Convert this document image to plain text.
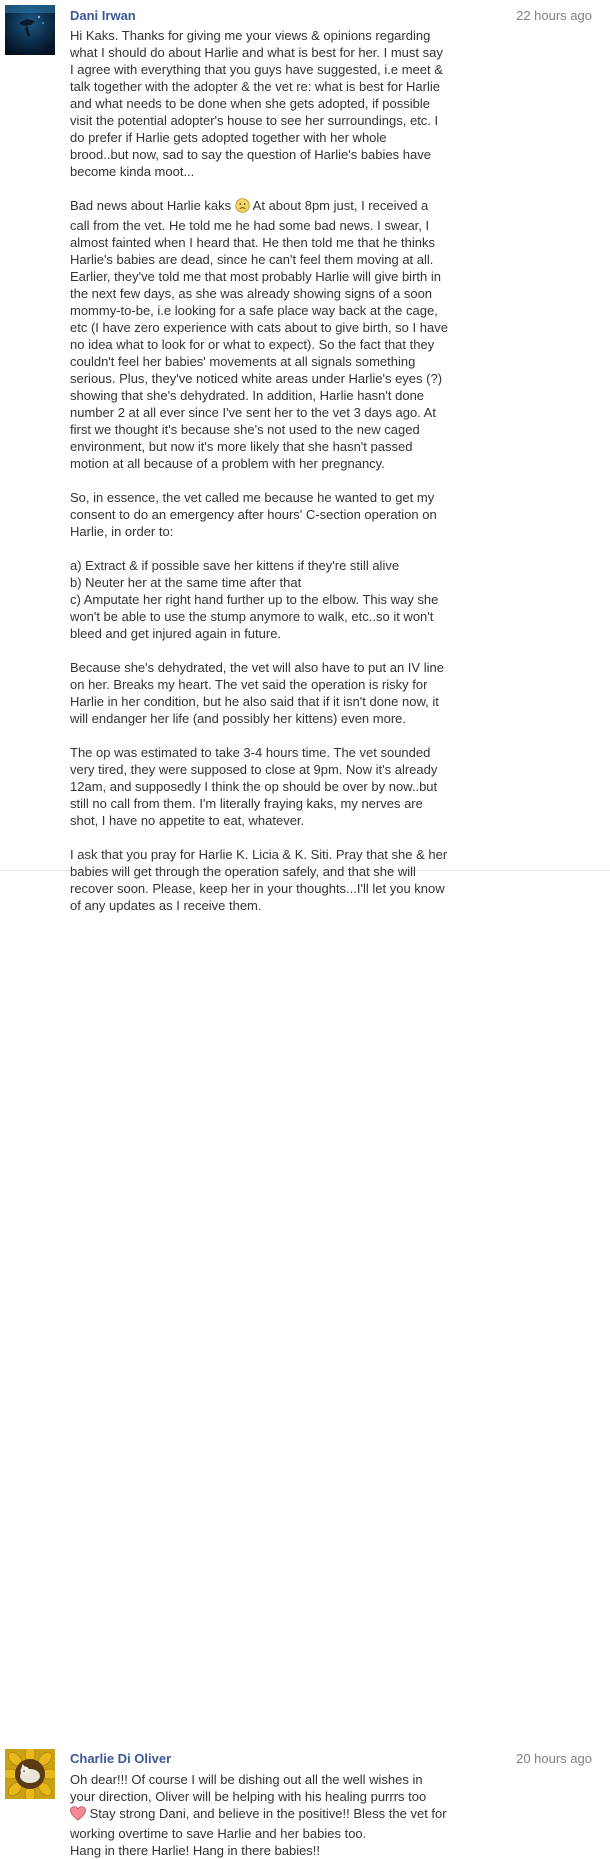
Dani Irwan	22 hours ago
Hi Kaks. Thanks for giving me your views & opinions regarding
what I should do about Harlie and what is best for her. I must say
I agree with everything that you guys have suggested, i.e meet &
talk together with the adopter & the vet re: what is best for Harlie
and what needs to be done when she gets adopted, if possible
visit the potential adopter's house to see her surroundings, etc. I
do prefer if Harlie gets adopted together with her whole
brood..but now, sad to say the question of Harlie's babies have
become kinda moot...
Bad news about Harlie kaks  At about 8pm just, I received a
call from the vet. He told me he had some bad news. I swear, I
almost fainted when I heard that. He then told me that he thinks
Harlie's babies are dead, since he can't feel them moving at all.
Earlier, they've told me that most probably Harlie will give birth in
the next few days, as she was already showing signs of a soon
mommy-to-be, i.e looking for a safe place way back at the cage,
etc (I have zero experience with cats about to give birth, so I have
no idea what to look for or what to expect). So the fact that they
couldn't feel her babies' movements at all signals something
serious. Plus, they've noticed white areas under Harlie's eyes (?)
showing that she's dehydrated. In addition, Harlie hasn't done
number 2 at all ever since I've sent her to the vet 3 days ago. At
first we thought it's because she's not used to the new caged
environment, but now it's more likely that she hasn't passed
motion at all because of a problem with her pregnancy.
So, in essence, the vet called me because he wanted to get my
consent to do an emergency after hours' C-section operation on
Harlie, in order to:
a) Extract & if possible save her kittens if they're still alive
b) Neuter her at the same time after that
c) Amputate her right hand further up to the elbow. This way she
won't be able to use the stump anymore to walk, etc..so it won't
bleed and get injured again in future.
Because she's dehydrated, the vet will also have to put an IV line
on her. Breaks my heart. The vet said the operation is risky for
Harlie in her condition, but he also said that if it isn't done now, it
will endanger her life (and possibly her kittens) even more.
The op was estimated to take 3-4 hours time. The vet sounded
very tired, they were supposed to close at 9pm. Now it's already
12am, and supposedly I think the op should be over by now..but
still no call from them. I'm literally fraying kaks, my nerves are
shot, I have no appetite to eat, whatever.
I ask that you pray for Harlie K. Licia & K. Siti. Pray that she & her
babies will get through the operation safely, and that she will
recover soon. Please, keep her in your thoughts...I'll let you know
of any updates as I receive them.
Charlie Di Oliver	20 hours ago
Oh dear!!! Of course I will be dishing out all the well wishes in
your direction, Oliver will be helping with his healing purrrs too
Stay strong Dani, and believe in the positive!! Bless the vet for
working overtime to save Harlie and her babies too.
Hang in there Harlie! Hang in there babies!!
